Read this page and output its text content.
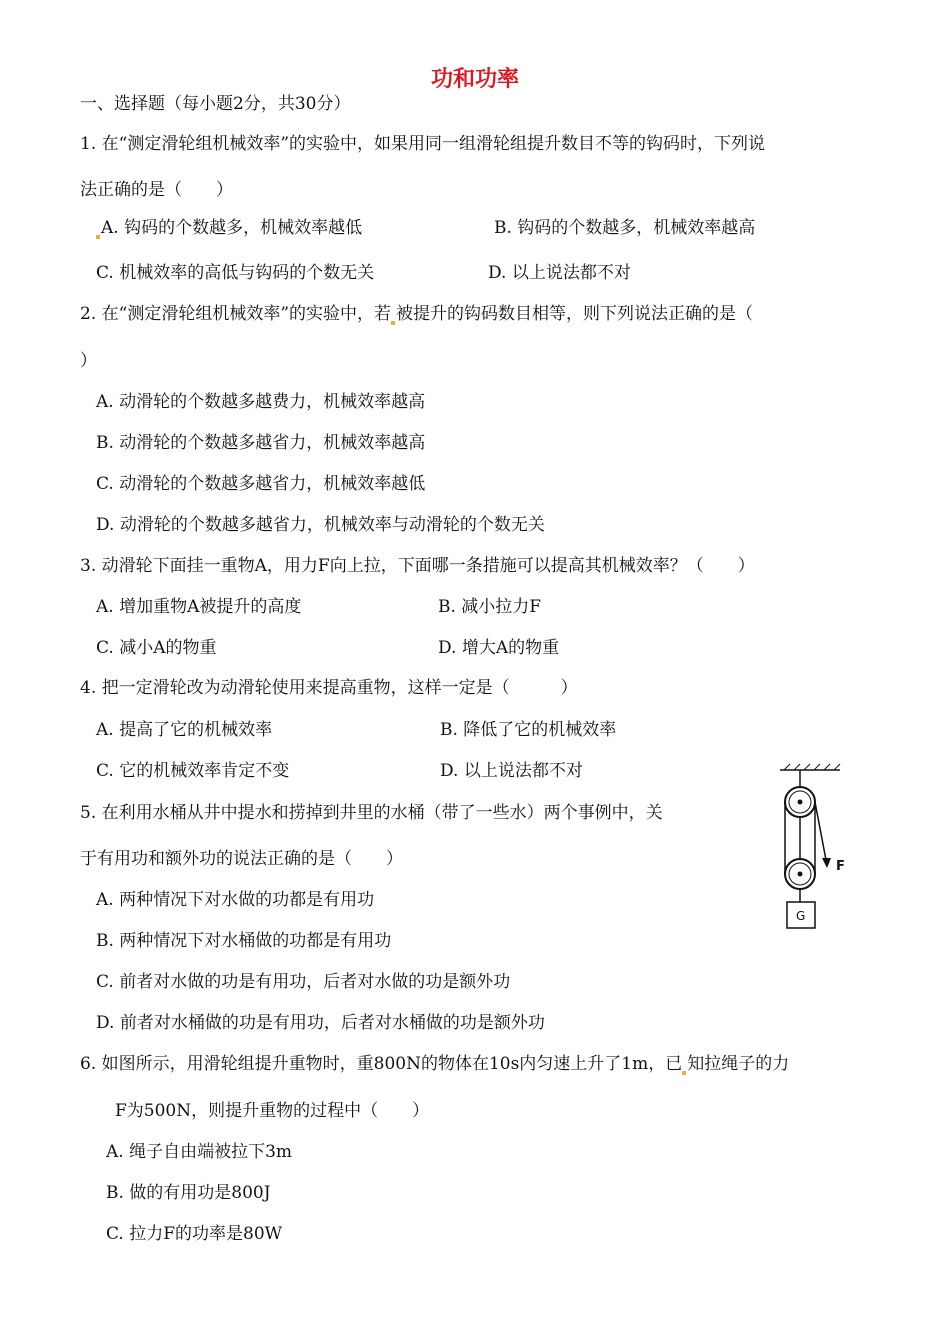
功和功率
一、选择题（每小题2分，共30分）
1. 在“测定滑轮组机械效率”的实验中，如果用同一组滑轮组提升数目不等的钩码时，下列说
法正确的是（　　）
A. 钩码的个数越多，机械效率越低	B. 钩码的个数越多，机械效率越高
C. 机械效率的高低与钩码的个数无关	D. 以上说法都不对
2. 在“测定滑轮组机械效率”的实验中，若 被提升的钩码数目相等，则下列说法正确的是（
）
A. 动滑轮的个数越多越费力，机械效率越高
B. 动滑轮的个数越多越省力，机械效率越高
C. 动滑轮的个数越多越省力，机械效率越低
D. 动滑轮的个数越多越省力，机械效率与动滑轮的个数无关
3. 动滑轮下面挂一重物A，用力F向上拉，下面哪一条措施可以提高其机械效率？（　　）
A. 增加重物A被提升的高度	B. 减小拉力F
C. 减小A的物重	D. 增大A的物重
4. 把一定滑轮改为动滑轮使用来提高重物，这样一定是（　　　）
A. 提高了它的机械效率	B. 降低了它的机械效率
C. 它的机械效率肯定不变	D. 以上说法都不对
5. 在利用水桶从井中提水和捞掉到井里的水桶（带了一些水）两个事例中，关
于有用功和额外功的说法正确的是（　　）
A. 两种情况下对水做的功都是有用功
B. 两种情况下对水桶做的功都是有用功
C. 前者对水做的功是有用功，后者对水做的功是额外功
D. 前者对水桶做的功是有用功，后者对水桶做的功是额外功
6. 如图所示，用滑轮组提升重物时，重800N的物体在10s内匀速上升了1m，已 知拉绳子的力
F为500N，则提升重物的过程中（　　）
A. 绳子自由端被拉下3m
B. 做的有用功是800J
C. 拉力F的功率是80W
F
G
